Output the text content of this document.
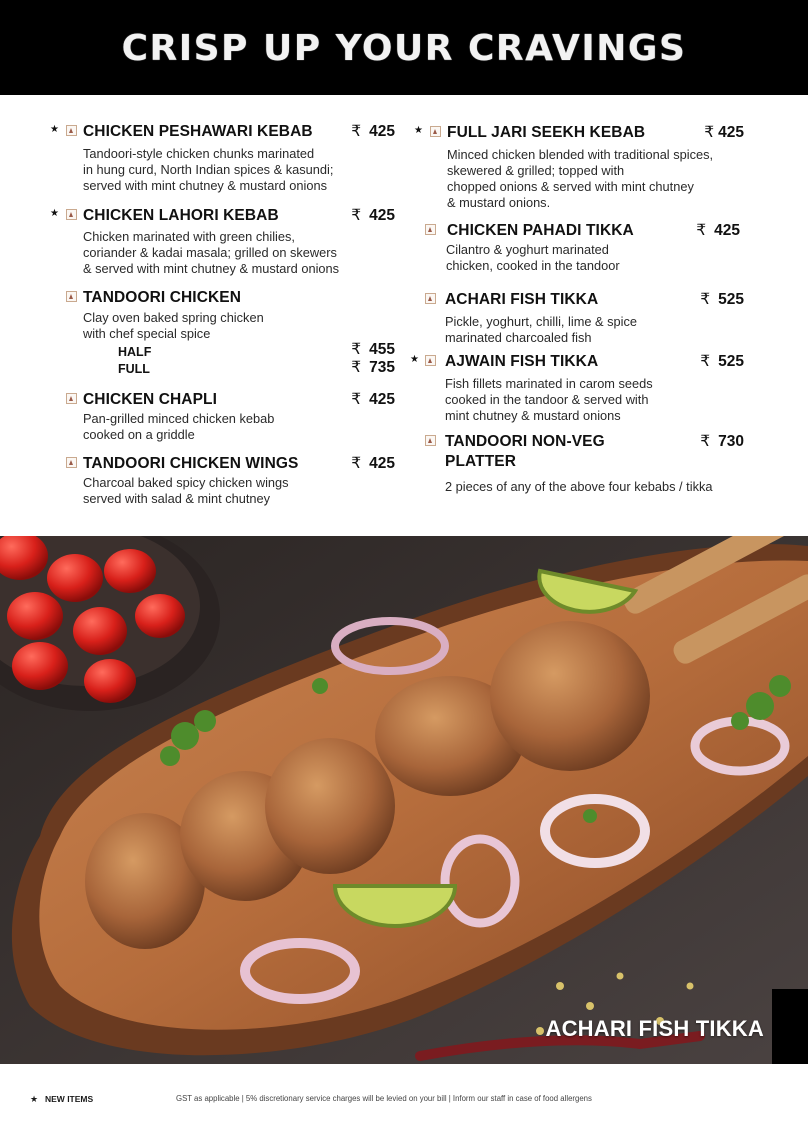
CRISP UP YOUR CRAVINGS
★ CHICKEN PESHAWARI KEBAB ₹ 425
Tandoori-style chicken chunks marinated
in hung curd, North Indian spices & kasundi;
served with mint chutney & mustard onions
★ CHICKEN LAHORI KEBAB	₹ 425
Chicken marinated with green chilies,
coriander & kadai masala; grilled on skewers
& served with mint chutney & mustard onions
TANDOORI CHICKEN
Clay oven baked spring chicken
with chef special spice
HALF	₹ 455
FULL	₹ 735
CHICKEN CHAPLI	₹ 425
Pan-grilled minced chicken kebab
cooked on a griddle
TANDOORI CHICKEN WINGS	₹ 425
Charcoal baked spicy chicken wings
served with salad & mint chutney
★ FULL JARI SEEKH KEBAB	₹ 425
Minced chicken blended with traditional spices,
skewered & grilled; topped with
chopped onions & served with mint chutney
& mustard onions.
CHICKEN PAHADI TIKKA	₹ 425
Cilantro & yoghurt marinated
chicken, cooked in the tandoor
ACHARI FISH TIKKA	₹ 525
Pickle, yoghurt, chilli, lime & spice
marinated charcoaled fish
★ AJWAIN FISH TIKKA	₹ 525
Fish fillets marinated in carom seeds
cooked in the tandoor & served with
mint chutney & mustard onions
TANDOORI NON-VEG	₹ 730
PLATTER
2 pieces of any of the above four kebabs / tikka
ACHARI FISH TIKKA
★ NEW ITEMS	GST as applicable | 5% discretionary service charges will be levied on your bill | Inform our staff in case of food allergens
